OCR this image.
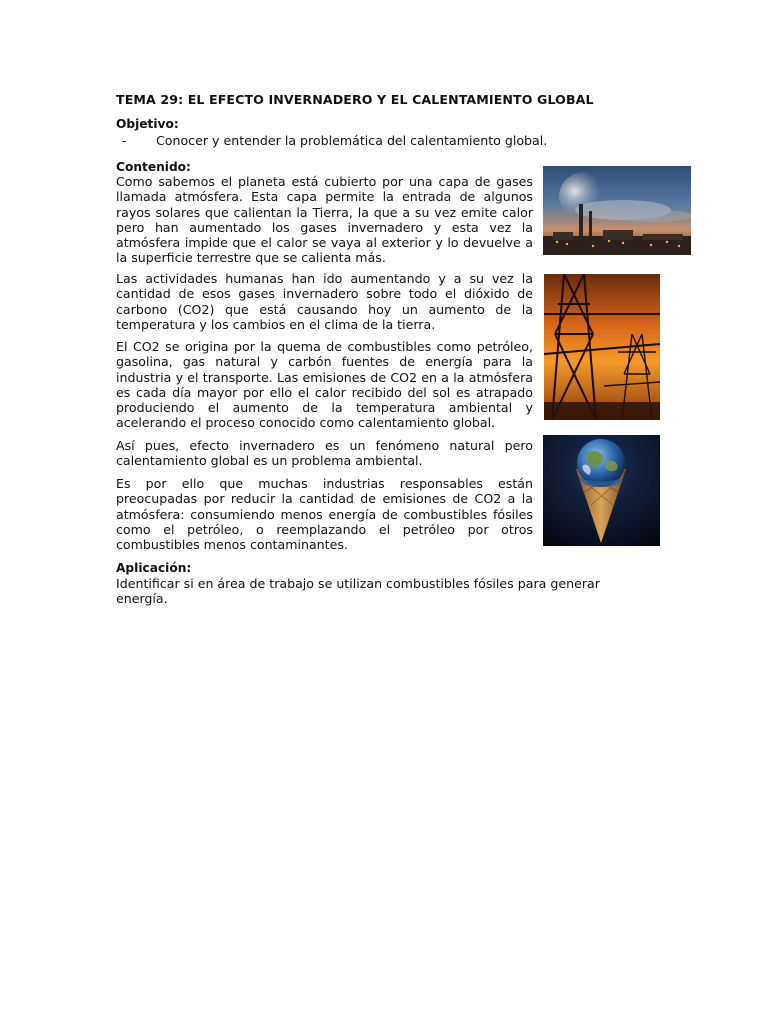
TEMA 29: EL EFECTO INVERNADERO Y EL CALENTAMIENTO GLOBAL
Objetivo:
- Conocer y entender la problemática del calentamiento global.
Contenido:

Como sabemos el planeta está cubierto por una capa de gases llamada atmósfera. Esta capa permite la entrada de algunos rayos solares que calientan la Tierra, la que a su vez emite calor pero han aumentado los gases invernadero y esta vez la atmósfera impide que el calor se vaya al exterior y lo devuelve a la superficie terrestre que se calienta más.

Las actividades humanas han ido aumentando y a su vez la cantidad de esos gases invernadero sobre todo el dióxido de carbono (CO2) que está causando hoy un aumento de la temperatura y los cambios en el clima de la tierra.

El CO2 se origina por la quema de combustibles como petróleo, gasolina, gas natural y carbón fuentes de energía para la industria y el transporte. Las emisiones de CO2 en a la atmósfera es cada día mayor por ello el calor recibido del sol es atrapado produciendo el aumento de la temperatura ambiental y acelerando el proceso conocido como calentamiento global.

Así pues, efecto invernadero es un fenómeno natural pero calentamiento global es un problema ambiental.

Es por ello que muchas industrias responsables están preocupadas por reducir la cantidad de emisiones de CO2 a la atmósfera: consumiendo menos energía de combustibles fósiles como el petróleo, o reemplazando el petróleo por otros combustibles menos contaminantes.

Aplicación:

Identificar si en área de trabajo se utilizan combustibles fósiles para generar energía.
